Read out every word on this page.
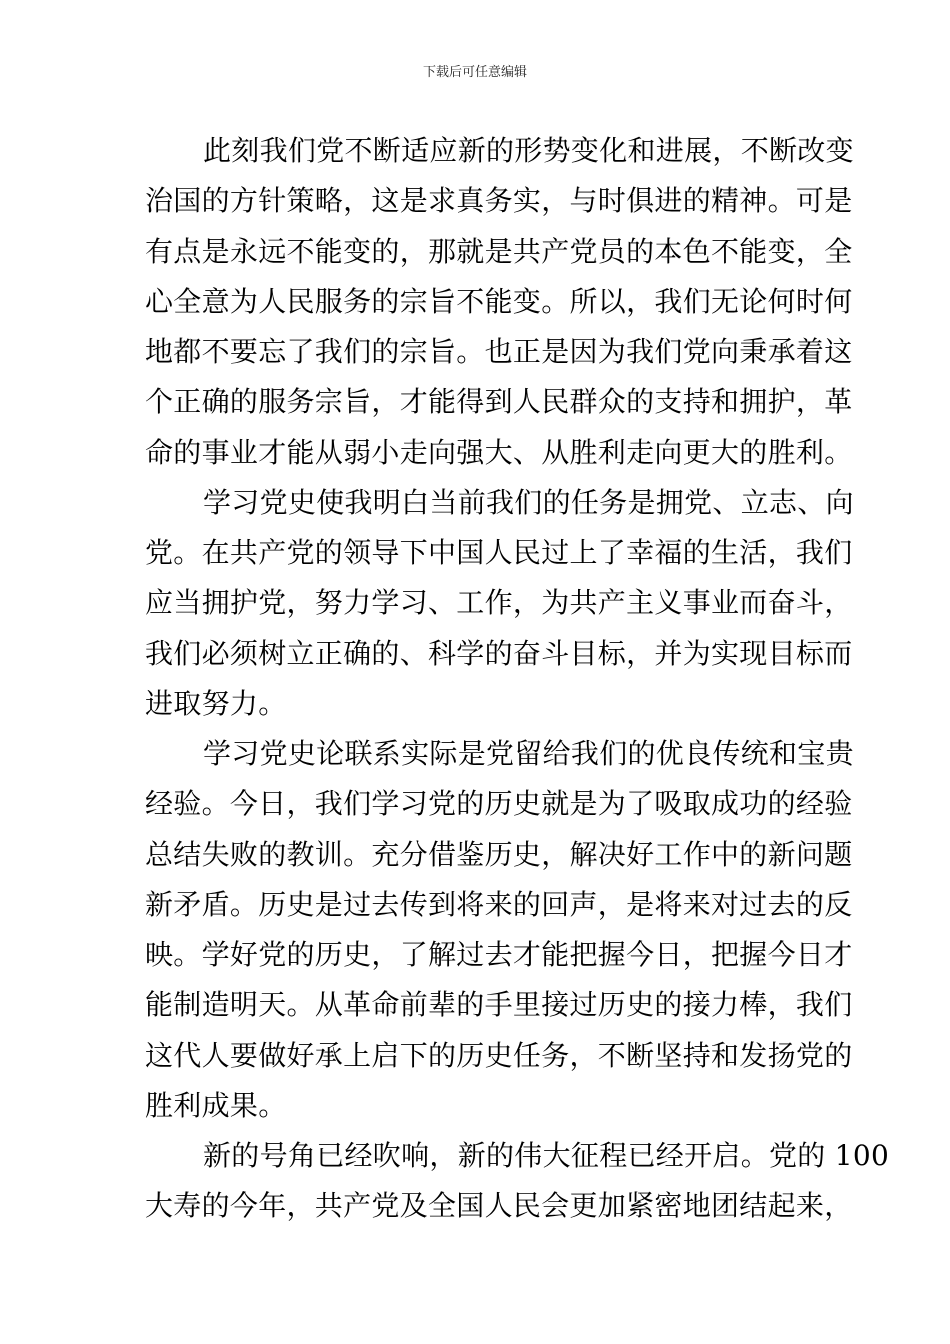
下载后可任意编辑
此刻我们党不断适应新的形势变化和进展，不断改变
治国的方针策略，这是求真务实，与时俱进的精神。可是
有点是永远不能变的，那就是共产党员的本色不能变，全
心全意为人民服务的宗旨不能变。所以，我们无论何时何
地都不要忘了我们的宗旨。也正是因为我们党向秉承着这
个正确的服务宗旨，才能得到人民群众的支持和拥护，革
命的事业才能从弱小走向强大、从胜利走向更大的胜利。
学习党史使我明白当前我们的任务是拥党、立志、向
党。在共产党的领导下中国人民过上了幸福的生活，我们
应当拥护党，努力学习、工作，为共产主义事业而奋斗，
我们必须树立正确的、科学的奋斗目标，并为实现目标而
进取努力。
学习党史论联系实际是党留给我们的优良传统和宝贵
经验。今日，我们学习党的历史就是为了吸取成功的经验
总结失败的教训。充分借鉴历史，解决好工作中的新问题
新矛盾。历史是过去传到将来的回声，是将来对过去的反
映。学好党的历史，了解过去才能把握今日，把握今日才
能制造明天。从革命前辈的手里接过历史的接力棒，我们
这代人要做好承上启下的历史任务，不断坚持和发扬党的
胜利成果。
新的号角已经吹响，新的伟大征程已经开启。党的 100
大寿的今年，共产党及全国人民会更加紧密地团结起来，
